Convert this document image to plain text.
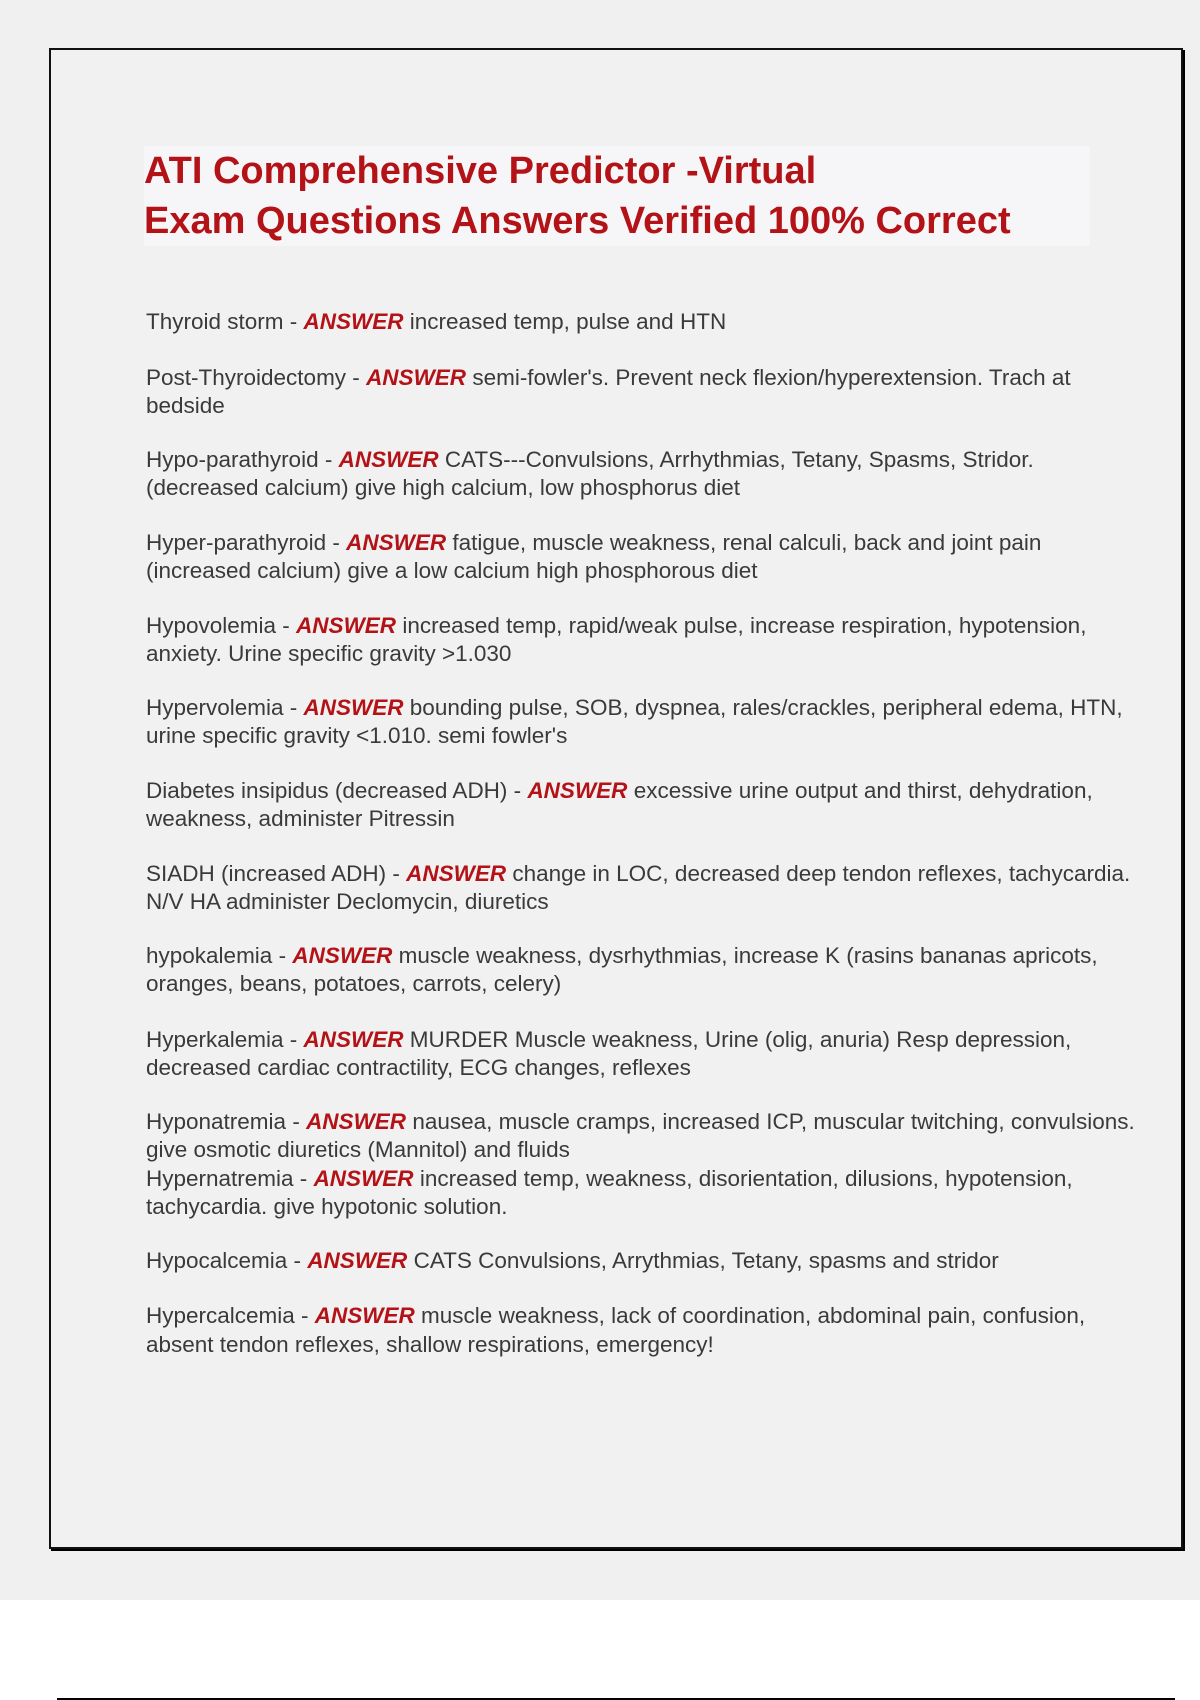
ATI Comprehensive Predictor -Virtual
Exam Questions Answers Verified 100% Correct
Thyroid storm - ANSWER increased temp, pulse and HTN
Post-Thyroidectomy - ANSWER semi-fowler's. Prevent neck flexion/hyperextension. Trach at bedside
Hypo-parathyroid - ANSWER CATS---Convulsions, Arrhythmias, Tetany, Spasms, Stridor. (decreased calcium) give high calcium, low phosphorus diet
Hyper-parathyroid - ANSWER fatigue, muscle weakness, renal calculi, back and joint pain (increased calcium) give a low calcium high phosphorous diet
Hypovolemia - ANSWER increased temp, rapid/weak pulse, increase respiration, hypotension, anxiety. Urine specific gravity >1.030
Hypervolemia - ANSWER bounding pulse, SOB, dyspnea, rales/crackles, peripheral edema, HTN, urine specific gravity <1.010. semi fowler's
Diabetes insipidus (decreased ADH) - ANSWER excessive urine output and thirst, dehydration, weakness, administer Pitressin
SIADH (increased ADH) - ANSWER change in LOC, decreased deep tendon reflexes, tachycardia. N/V HA administer Declomycin, diuretics
hypokalemia - ANSWER muscle weakness, dysrhythmias, increase K (rasins bananas apricots, oranges, beans, potatoes, carrots, celery)
Hyperkalemia - ANSWER MURDER Muscle weakness, Urine (olig, anuria) Resp depression, decreased cardiac contractility, ECG changes, reflexes
Hyponatremia - ANSWER nausea, muscle cramps, increased ICP, muscular twitching, convulsions. give osmotic diuretics (Mannitol) and fluids
Hypernatremia - ANSWER increased temp, weakness, disorientation, dilusions, hypotension, tachycardia. give hypotonic solution.
Hypocalcemia - ANSWER CATS Convulsions, Arrythmias, Tetany, spasms and stridor
Hypercalcemia - ANSWER muscle weakness, lack of coordination, abdominal pain, confusion, absent tendon reflexes, shallow respirations, emergency!
